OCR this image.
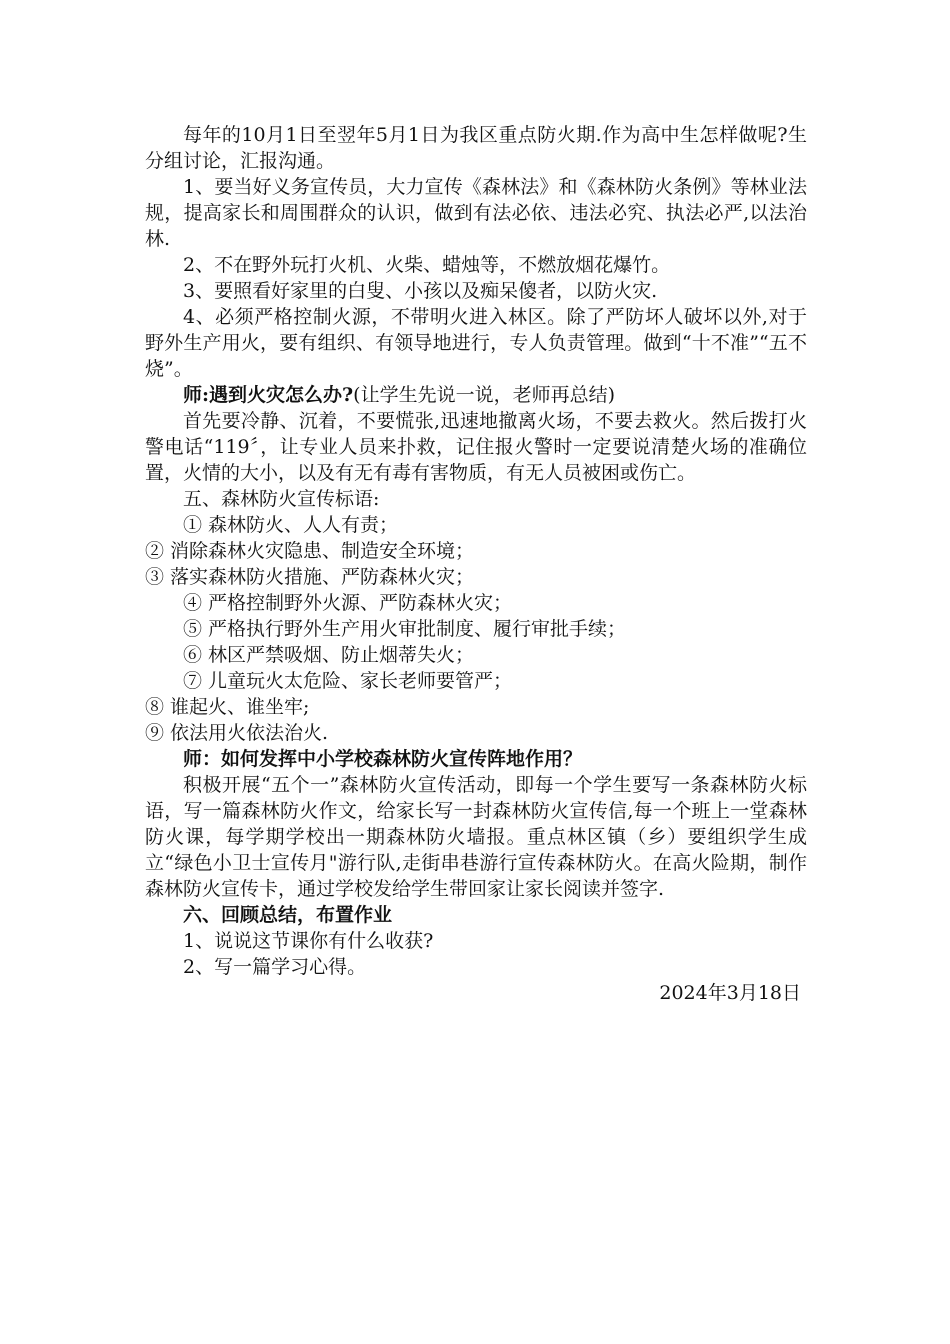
每年的10月1日至翌年5月1日为我区重点防火期.作为高中生怎样做呢?生分组讨论，汇报沟通。

1、要当好义务宣传员，大力宣传《森林法》和《森林防火条例》等林业法规，提高家长和周围群众的认识，做到有法必依、违法必究、执法必严,以法治林.

2、不在野外玩打火机、火柴、蜡烛等，不燃放烟花爆竹。

3、要照看好家里的白叟、小孩以及痴呆傻者，以防火灾.

4、必须严格控制火源，不带明火进入林区。除了严防坏人破坏以外,对于野外生产用火，要有组织、有领导地进行，专人负责管理。做到“十不准”“五不烧”。

师:遇到火灾怎么办?(让学生先说一说，老师再总结)

首先要冷静、沉着，不要慌张,迅速地撤离火场，不要去救火。然后拨打火警电话“119〞，让专业人员来扑救，记住报火警时一定要说清楚火场的准确位置，火情的大小，以及有无有毒有害物质，有无人员被困或伤亡。

五、森林防火宣传标语:

① 森林防火、人人有责；

② 消除森林火灾隐患、制造安全环境；

③ 落实森林防火措施、严防森林火灾；

④ 严格控制野外火源、严防森林火灾；

⑤ 严格执行野外生产用火审批制度、履行审批手续；

⑥ 林区严禁吸烟、防止烟蒂失火；

⑦ 儿童玩火太危险、家长老师要管严；

⑧ 谁起火、谁坐牢;

⑨ 依法用火依法治火.

师：如何发挥中小学校森林防火宣传阵地作用？

积极开展“五个一”森林防火宣传活动，即每一个学生要写一条森林防火标语，写一篇森林防火作文，给家长写一封森林防火宣传信,每一个班上一堂森林防火课，每学期学校出一期森林防火墙报。重点林区镇（乡）要组织学生成立“绿色小卫士宣传月"游行队,走街串巷游行宣传森林防火。在高火险期，制作森林防火宣传卡，通过学校发给学生带回家让家长阅读并签字.

六、回顾总结，布置作业

1、说说这节课你有什么收获?

2、写一篇学习心得。

2024年3月18日
